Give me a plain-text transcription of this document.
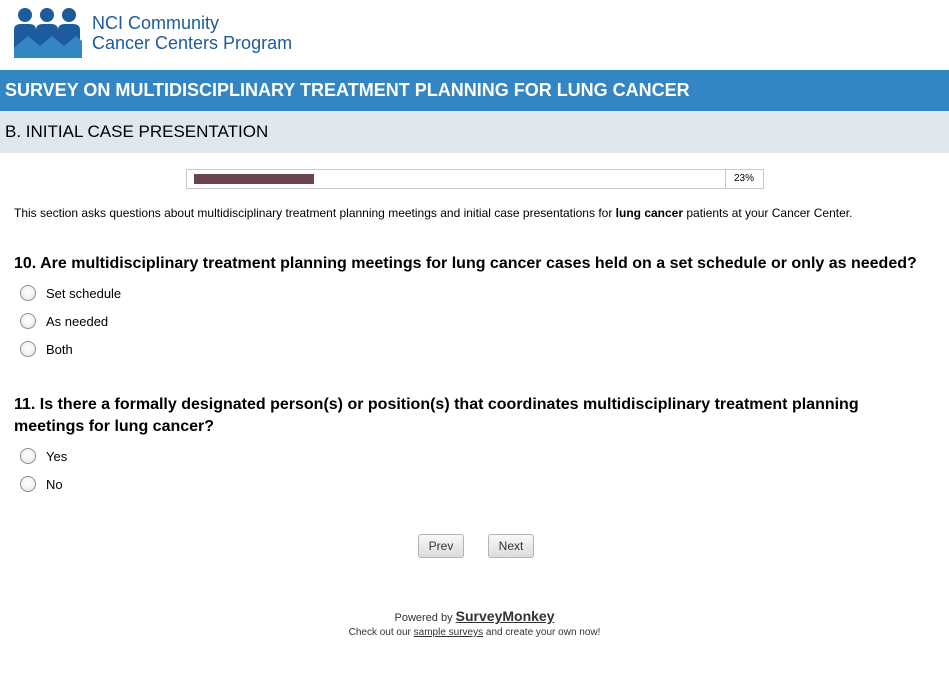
NCI Community
Cancer Centers Program
SURVEY ON MULTIDISCIPLINARY TREATMENT PLANNING FOR LUNG CANCER
B. INITIAL CASE PRESENTATION
23%
This section asks questions about multidisciplinary treatment planning meetings and initial case presentations for lung cancer patients at your Cancer Center.
10. Are multidisciplinary treatment planning meetings for lung cancer cases held on a set schedule or only as needed?
Set schedule
As needed
Both
11. Is there a formally designated person(s) or position(s) that coordinates multidisciplinary treatment planning meetings for lung cancer?
Yes
No
Prev	Next
Powered by SurveyMonkey
Check out our sample surveys and create your own now!
